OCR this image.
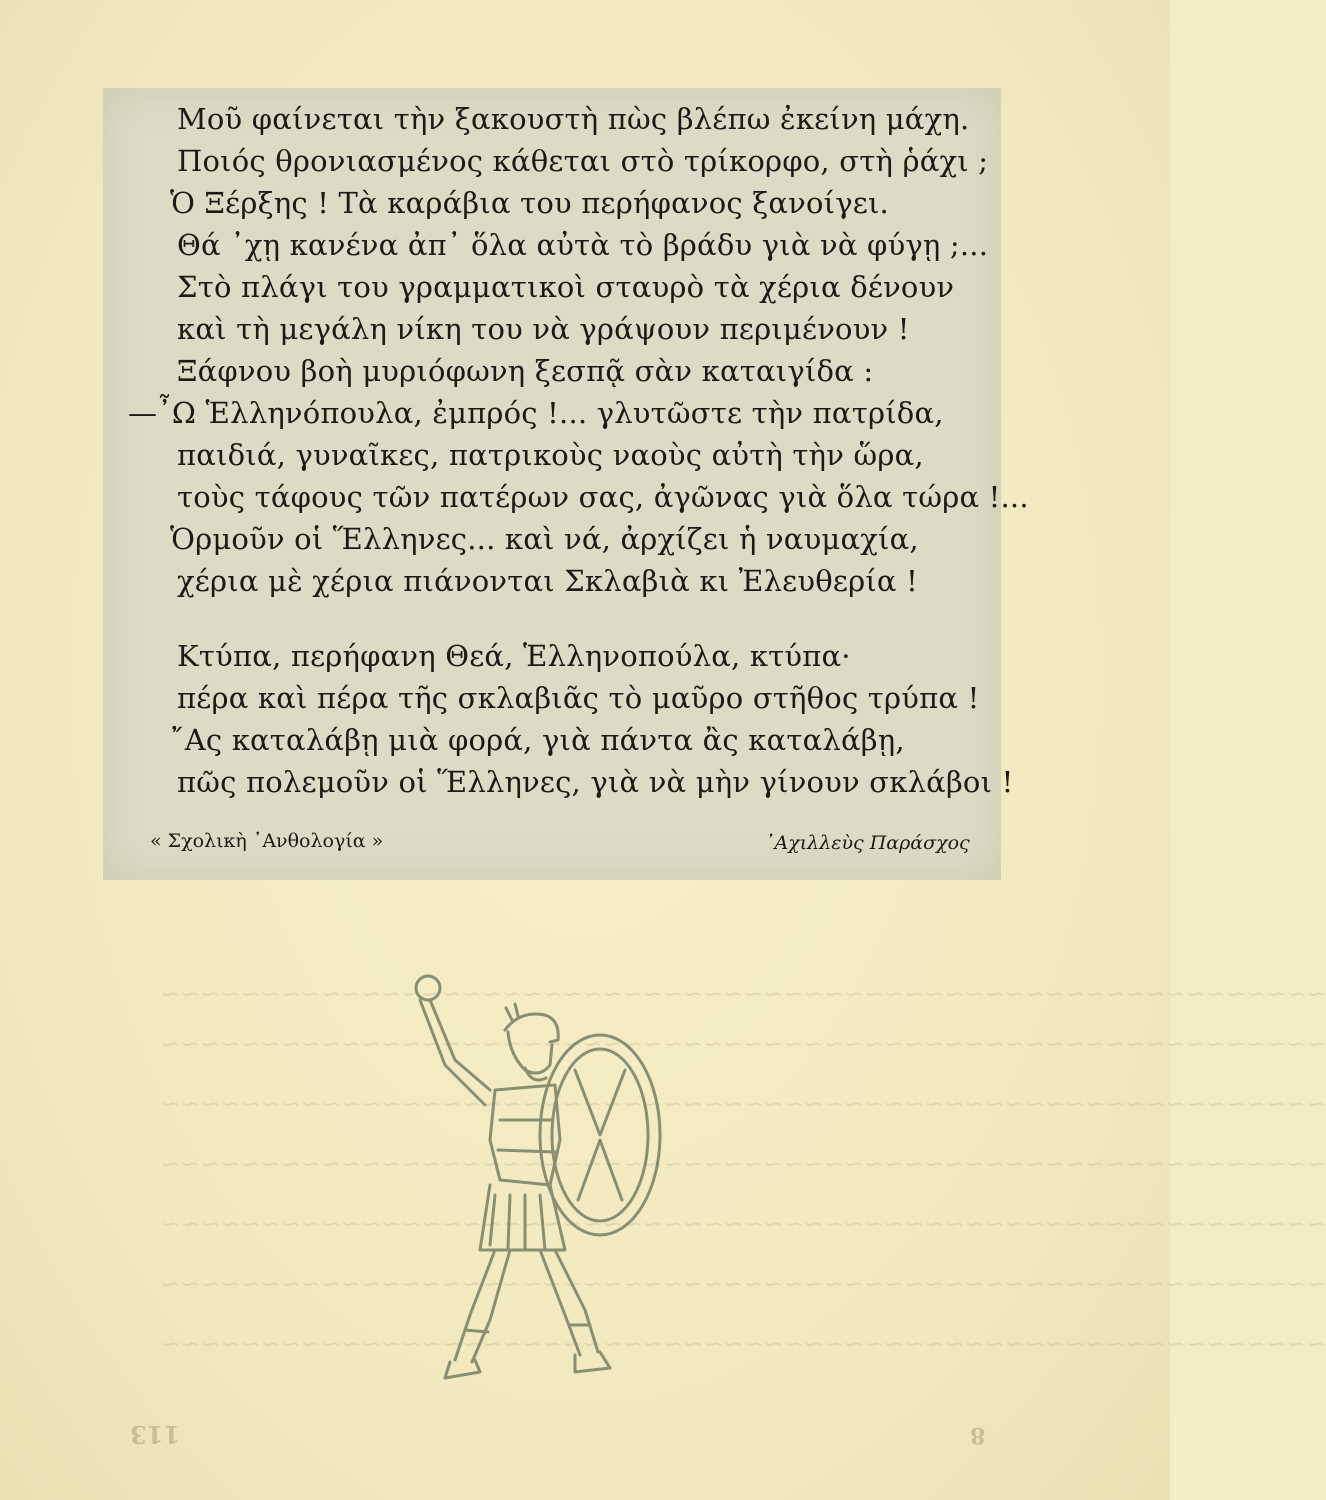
Μοῦ φαίνεται τὴν ξακουστὴ πὼς βλέπω ἐκείνη μάχη.
Ποιός θρονιασμένος κάθεται στὸ τρίκορφο, στὴ ῥάχι ;
Ὁ Ξέρξης ! Τὰ καράβια του περήφανος ξανοίγει.
Θά ᾽χῃ κανένα ἀπ᾽ ὅλα αὐτὰ τὸ βράδυ γιὰ νὰ φύγῃ ;...
Στὸ πλάγι του γραμματικοὶ σταυρὸ τὰ χέρια δένουν
καὶ τὴ μεγάλη νίκη του νὰ γράψουν περιμένουν !
Ξάφνου βοὴ μυριόφωνη ξεσπᾷ σὰν καταιγίδα :
—῏Ω Ἑλληνόπουλα, ἐμπρός !... γλυτῶστε τὴν πατρίδα,
παιδιά, γυναῖκες, πατρικοὺς ναοὺς αὐτὴ τὴν ὥρα,
τοὺς τάφους τῶν πατέρων σας, ἀγῶνας γιὰ ὅλα τώρα !...
Ὁρμοῦν οἱ Ἕλληνες... καὶ νά, ἀρχίζει ἡ ναυμαχία,
χέρια μὲ χέρια πιάνονται Σκλαβιὰ κι Ἐλευθερία !
Κτύπα, περήφανη Θεά, Ἑλληνοπούλα, κτύπα·
πέρα καὶ πέρα τῆς σκλαβιᾶς τὸ μαῦρο στῆθος τρύπα !
῎Ας καταλάβῃ μιὰ φορά, γιὰ πάντα ἂς καταλάβῃ,
πῶς πολεμοῦν οἱ Ἕλληνες, γιὰ νὰ μὴν γίνουν σκλάβοι !
« Σχολικὴ ᾽Ανθολογία »	᾽Αχιλλεὺς Παράσχος
~~~~~~~~~~~~~~~~~~~~~~~~~~~~~~~~~~~~~~~~~~~~~~~~~~~~~~~~~~
~~~~~~~~~~~~~~~~~~~~~~~~~~~~~~~~~~~~~~~~~~~~~~~~~~~~~~~~~~
~~~~~~~~~~~~~~~~~~~~~~~~~~~~~~~~~~~~~~~~~~~~~~~~~~~~~~~~~~
~~~~~~~~~~~~~~~~~~~~~~~~~~~~~~~~~~~~~~~~~~~~~~~~~~~~~~~~~~
~~~~~~~~~~~~~~~~~~~~~~~~~~~~~~~~~~~~~~~~~~~~~~~~~~~~~~~~~~
~~~~~~~~~~~~~~~~~~~~~~~~~~~~~~~~~~~~~~~~~~~~~~~~~~~~~~~~~~
~~~~~~~~~~~~~~~~~~~~~~~~~~~~~~~~~~~~~~~~~~~~~~~~~~~~~~~~~~
113	8
